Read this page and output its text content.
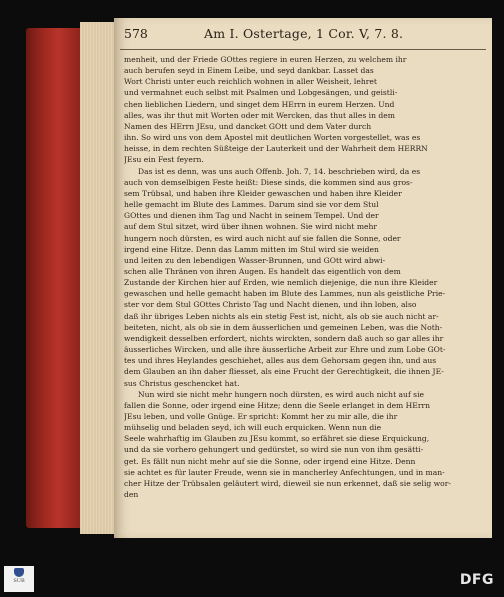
578	Am I. Ostertage, 1 Cor. V, 7. 8.
menheit, und der Friede GOttes regiere in euren Herzen, zu welchem ihr
auch berufen seyd in Einem Leibe, und seyd dankbar. Lasset das
Wort Christi unter euch reichlich wohnen in aller Weisheit, lehret
und vermahnet euch selbst mit Psalmen und Lobgesängen, und geistli-
chen lieblichen Liedern, und singet dem HErrn in eurem Herzen. Und
alles, was ihr thut mit Worten oder mit Wercken, das thut alles in dem
Namen des HErrn JEsu, und dancket GOtt und dem Vater durch
ihn. So wird uns von dem Apostel mit deutlichen Worten vorgestellet, was es
heisse, in dem rechten Süßteige der Lauterkeit und der Wahrheit dem HERRN
JEsu ein Fest feyern.
Das ist es denn, was uns auch Offenb. Joh. 7, 14. beschrieben wird, da es
auch von demselbigen Feste heißt: Diese sinds, die kommen sind aus gros-
sem Trübsal, und haben ihre Kleider gewaschen und haben ihre Kleider
helle gemacht im Blute des Lammes. Darum sind sie vor dem Stul
GOttes und dienen ihm Tag und Nacht in seinem Tempel. Und der
auf dem Stul sitzet, wird über ihnen wohnen. Sie wird nicht mehr
hungern noch dürsten, es wird auch nicht auf sie fallen die Sonne, oder
irgend eine Hitze. Denn das Lamm mitten im Stul wird sie weiden
und leiten zu den lebendigen Wasser-Brunnen, und GOtt wird abwi-
schen alle Thränen von ihren Augen. Es handelt das eigentlich von dem
Zustande der Kirchen hier auf Erden, wie nemlich diejenige, die nun ihre Kleider
gewaschen und helle gemacht haben im Blute des Lammes, nun als geistliche Prie-
ster vor dem Stul GOttes Christo Tag und Nacht dienen, und ihn loben, also
daß ihr übriges Leben nichts als ein stetig Fest ist, nicht, als ob sie auch nicht ar-
beiteten, nicht, als ob sie in dem äusserlichen und gemeinen Leben, was die Noth-
wendigkeit desselben erfordert, nichts wirckten, sondern daß auch so gar alles ihr
äusserliches Wircken, und alle ihre äusserliche Arbeit zur Ehre und zum Lobe GOt-
tes und ihres Heylandes geschiehet, alles aus dem Gehorsam gegen ihn, und aus
dem Glauben an ihn daher fliesset, als eine Frucht der Gerechtigkeit, die ihnen JE-
sus Christus geschencket hat.
Nun wird sie nicht mehr hungern noch dürsten, es wird auch nicht auf sie
fallen die Sonne, oder irgend eine Hitze; denn die Seele erlanget in dem HErrn
JEsu leben, und volle Gnüge. Er spricht: Kommt her zu mir alle, die ihr
mühselig und beladen seyd, ich will euch erquicken. Wenn nun die
Seele wahrhaftig im Glauben zu JEsu kommt, so erfähret sie diese Erquickung,
und da sie vorhero gehungert und gedürstet, so wird sie nun von ihm gesätti-
get. Es fällt nun nicht mehr auf sie die Sonne, oder irgend eine Hitze. Denn
sie achtet es für lauter Freude, wenn sie in mancherley Anfechtungen, und in man-
cher Hitze der Trübsalen geläutert wird, dieweil sie nun erkennet, daß sie selig wor-
den
SUB	DFG
